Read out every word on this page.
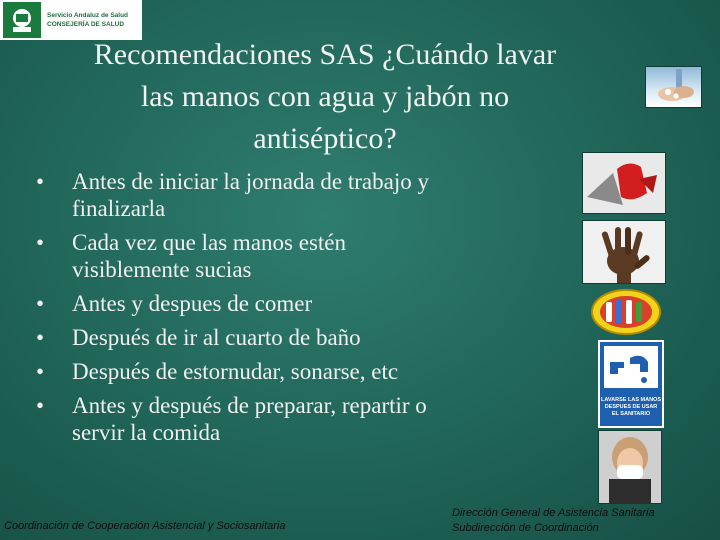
Servicio Andaluz de Salud
CONSEJERÍA DE SALUD
Recomendaciones SAS ¿Cuándo lavar
las manos con agua y jabón no
antiséptico?
• Antes de iniciar la jornada de trabajo y
finalizarla
• Cada vez que las manos estén
visiblemente sucias
• Antes y despues de comer
• Después de ir al cuarto de baño
• Después de estornudar, sonarse, etc
• Antes y después de preparar, repartir o
servir la comida
LAVARSE LAS MANOS
DESPUES DE USAR
EL SANITARIO
Coordinación de Cooperación Asistencial y Sociosanitaria
Dirección General de Asistencia Sanitaria
Subdirección de Coordinación
